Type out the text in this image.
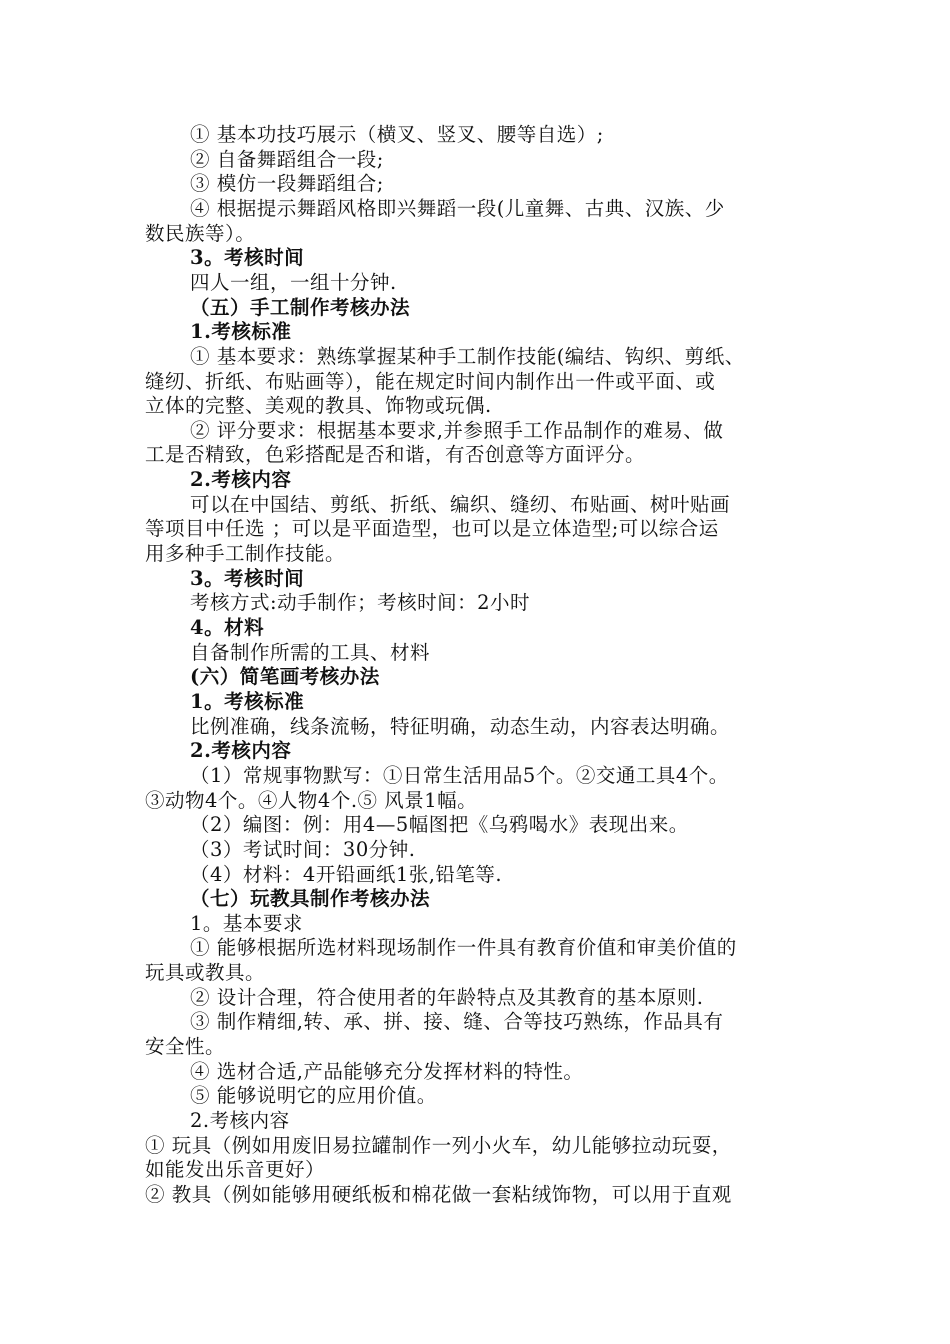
① 基本功技巧展示（横叉、竖叉、腰等自选）;
② 自备舞蹈组合一段;
③ 模仿一段舞蹈组合;
④ 根据提示舞蹈风格即兴舞蹈一段(儿童舞、古典、汉族、少
数民族等）。
3。考核时间
四人一组，一组十分钟.
（五）手工制作考核办法
1.考核标准
① 基本要求：熟练掌握某种手工制作技能(编结、钩织、剪纸、
缝纫、折纸、布贴画等），能在规定时间内制作出一件或平面、或
立体的完整、美观的教具、饰物或玩偶.
② 评分要求：根据基本要求,并参照手工作品制作的难易、做
工是否精致，色彩搭配是否和谐，有否创意等方面评分。
2.考核内容
可以在中国结、剪纸、折纸、编织、缝纫、布贴画、树叶贴画
等项目中任选 ；可以是平面造型，也可以是立体造型;可以综合运
用多种手工制作技能。
3。考核时间
考核方式:动手制作；考核时间：2小时
4。材料
自备制作所需的工具、材料
(六）简笔画考核办法
1。考核标准
比例准确，线条流畅，特征明确，动态生动，内容表达明确。
2.考核内容
（1）常规事物默写：①日常生活用品5个。②交通工具4个。
③动物4个。④人物4个.⑤ 风景1幅。
（2）编图：例：用4—5幅图把《乌鸦喝水》表现出来。
（3）考试时间：30分钟.
（4）材料：4开铅画纸1张,铅笔等.
（七）玩教具制作考核办法
1。基本要求
① 能够根据所选材料现场制作一件具有教育价值和审美价值的
玩具或教具。
② 设计合理，符合使用者的年龄特点及其教育的基本原则.
③ 制作精细,转、承、拼、接、缝、合等技巧熟练，作品具有
安全性。
④ 选材合适,产品能够充分发挥材料的特性。
⑤ 能够说明它的应用价值。
2.考核内容
① 玩具（例如用废旧易拉罐制作一列小火车，幼儿能够拉动玩耍，
如能发出乐音更好）
② 教具（例如能够用硬纸板和棉花做一套粘绒饰物，可以用于直观
